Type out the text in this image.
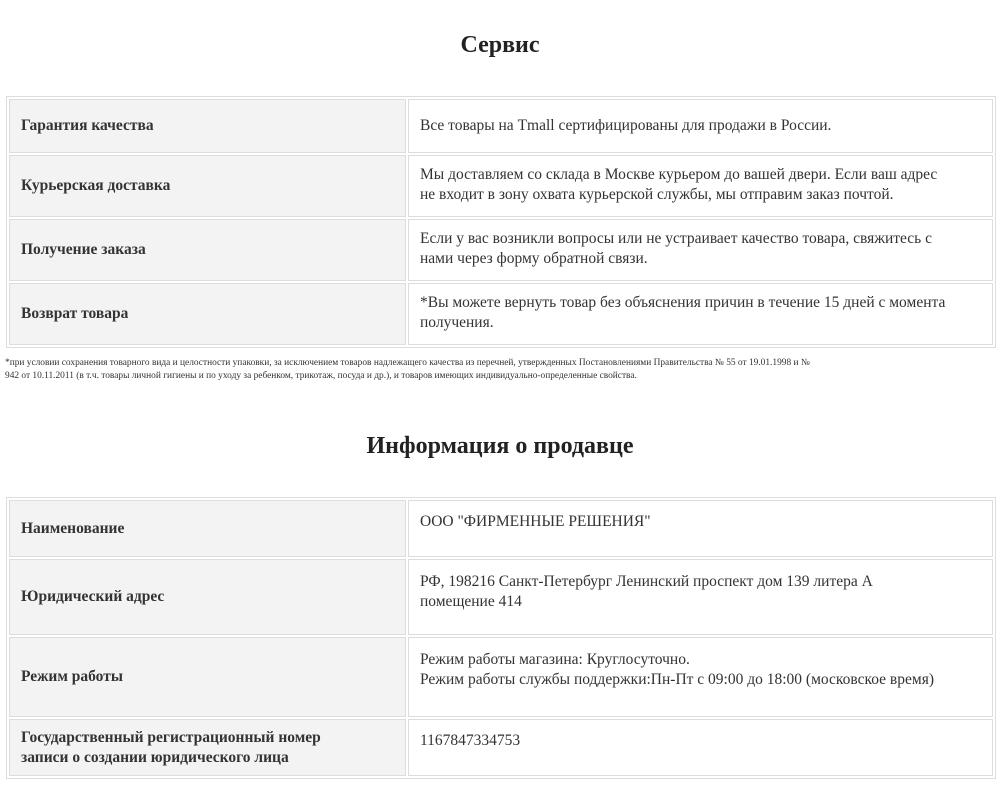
Сервис
Гарантия качества	Все товары на Tmall сертифицированы для продажи в России.
Курьерская доставка	Мы доставляем со склада в Москве курьером до вашей двери. Если ваш адрес
не входит в зону охвата курьерской службы, мы отправим заказ почтой.
Получение заказа	Если у вас возникли вопросы или не устраивает качество товара, свяжитесь с
нами через форму обратной связи.
Возврат товара	*Вы можете вернуть товар без объяснения причин в течение 15 дней с момента
получения.

*при условии сохранения товарного вида и целостности упаковки, за исключением товаров надлежащего качества из перечней, утвержденных Постановлениями Правительства № 55 от 19.01.1998 и №
942 от 10.11.2011 (в т.ч. товары личной гигиены и по уходу за ребенком, трикотаж, посуда и др.), и товаров имеющих индивидуально-определенные свойства.

Информация о продавце
Наименование	ООО "ФИРМЕННЫЕ РЕШЕНИЯ"
Юридический адрес	РФ, 198216 Санкт-Петербург Ленинский проспект дом 139 литера А
помещение 414
Режим работы	Режим работы магазина: Круглосуточно.
Режим работы службы поддержки:Пн-Пт с 09:00 до 18:00 (московское время)
Государственный регистрационный номер
записи о создании юридического лица	1167847334753
